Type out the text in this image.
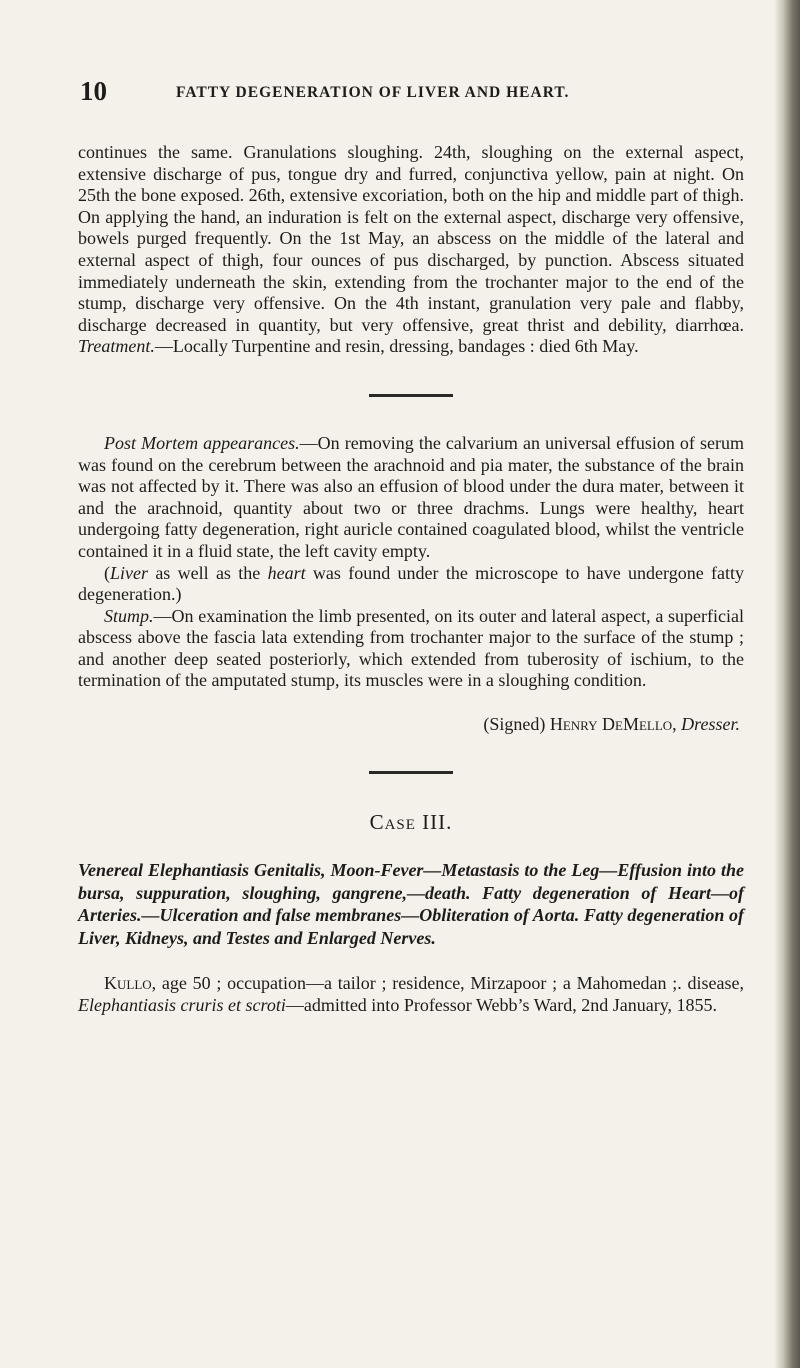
10	FATTY DEGENERATION OF LIVER AND HEART.

continues the same. Granulations sloughing. 24th, sloughing on the external aspect, extensive discharge of pus, tongue dry and furred, conjunctiva yellow, pain at night. On 25th the bone exposed. 26th, extensive excoriation, both on the hip and middle part of thigh. On applying the hand, an induration is felt on the external aspect, discharge very offensive, bowels purged frequently. On the 1st May, an abscess on the middle of the lateral and external aspect of thigh, four ounces of pus discharged, by punction. Abscess situated immediately underneath the skin, extending from the trochanter major to the end of the stump, discharge very offensive. On the 4th instant, granulation very pale and flabby, discharge decreased in quantity, but very offensive, great thrist and debility, diarrhœa. Treatment.—Locally Turpentine and resin, dressing, bandages : died 6th May.

Post Mortem appearances.—On removing the calvarium an universal effusion of serum was found on the cerebrum between the arachnoid and pia mater, the substance of the brain was not affected by it. There was also an effusion of blood under the dura mater, between it and the arachnoid, quantity about two or three drachms. Lungs were healthy, heart undergoing fatty degeneration, right auricle contained coagulated blood, whilst the ventricle contained it in a fluid state, the left cavity empty.

(Liver as well as the heart was found under the microscope to have undergone fatty degeneration.)

Stump.—On examination the limb presented, on its outer and lateral aspect, a superficial abscess above the fascia lata extending from trochanter major to the surface of the stump ; and another deep seated posteriorly, which extended from tuberosity of ischium, to the termination of the amputated stump, its muscles were in a sloughing condition.

(Signed) Henry DeMello, Dresser.
Case III.
Venereal Elephantiasis Genitalis, Moon-Fever—Metastasis to the Leg—Effusion into the bursa, suppuration, sloughing, gangrene,—death. Fatty degeneration of Heart—of Arteries.—Ulceration and false membranes—Obliteration of Aorta. Fatty degeneration of Liver, Kidneys, and Testes and Enlarged Nerves.

Kullo, age 50 ; occupation—a tailor ; residence, Mirzapoor ; a Mahomedan ;. disease, Elephantiasis cruris et scroti—admitted into Professor Webb’s Ward, 2nd January, 1855.
